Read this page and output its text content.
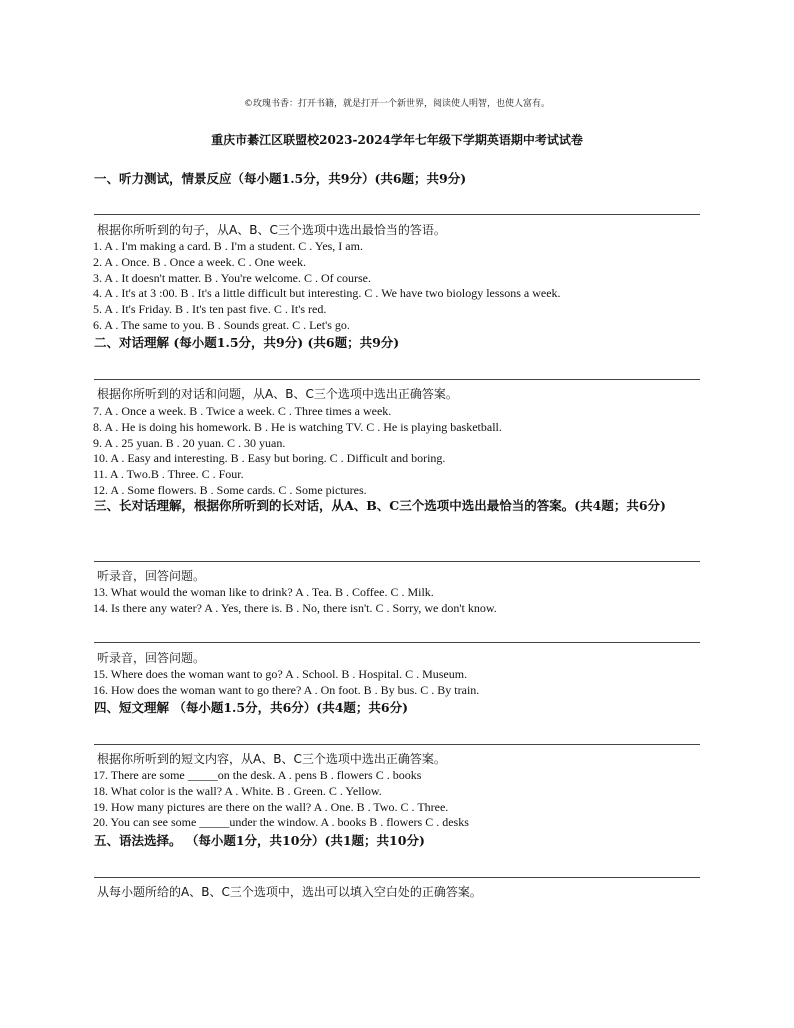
©玫瑰书香：打开书籍，就是打开一个新世界，阅读使人明智，也使人富有。
重庆市綦江区联盟校2023-2024学年七年级下学期英语期中考试试卷
一、听力测试，情景反应（每小题1.5分，共9分）(共6题；共9分)
根据你所听到的句子，从A、B、C三个选项中选出最恰当的答语。
1. A . I'm making a card. B . I'm a student. C . Yes, I am.
2. A . Once. B . Once a week. C . One week.
3. A . It doesn't matter. B . You're welcome. C . Of course.
4. A . It's at 3 :00. B . It's a little difficult but interesting. C . We have two biology lessons a week.
5. A . It's Friday. B . It's ten past five. C . It's red.
6. A . The same to you. B . Sounds great. C . Let's go.
二、对话理解 (每小题1.5分，共9分) (共6题；共9分)
根据你所听到的对话和问题，从A、B、C三个选项中选出正确答案。
7. A . Once a week. B . Twice a week. C . Three times a week.
8. A . He is doing his homework. B . He is watching TV. C . He is playing basketball.
9. A . 25 yuan. B . 20 yuan. C . 30 yuan.
10. A . Easy and interesting. B . Easy but boring. C . Difficult and boring.
11. A . Two.B . Three. C . Four.
12. A . Some flowers. B . Some cards. C . Some pictures.
三、长对话理解，根据你所听到的长对话，从A、B、C三个选项中选出最恰当的答案。(共4题；共6分)
听录音，回答问题。
13. What would the woman like to drink? A . Tea. B . Coffee. C . Milk.
14. Is there any water? A . Yes, there is. B . No, there isn't. C . Sorry, we don't know.
听录音，回答问题。
15. Where does the woman want to go? A . School. B . Hospital. C . Museum.
16. How does the woman want to go there? A . On foot. B . By bus. C . By train.
四、短文理解 （每小题1.5分，共6分）(共4题；共6分)
根据你所听到的短文内容，从A、B、C三个选项中选出正确答案。
17. There are some _____on the desk. A . pens B . flowers C . books
18. What color is the wall? A . White. B . Green. C . Yellow.
19. How many pictures are there on the wall? A . One. B . Two. C . Three.
20. You can see some _____under the window. A . books B . flowers C . desks
五、语法选择。 （每小题1分，共10分）(共1题；共10分)
从每小题所给的A、B、C三个选项中，选出可以填入空白处的正确答案。
